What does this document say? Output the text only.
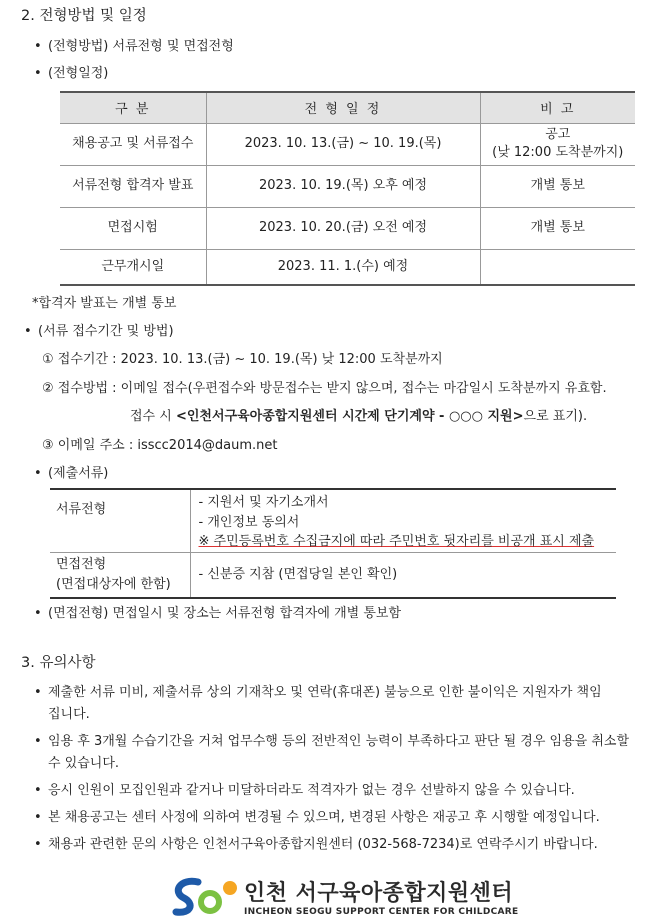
2. 전형방법 및 일정
• (전형방법) 서류전형 및 면접전형
• (전형일정)
구 분	전 형 일 정	비 고
채용공고 및 서류접수	2023. 10. 13.(금) ~ 10. 19.(목)	공고
(낮 12:00 도착분까지)

서류전형 합격자 발표	2023. 10. 19.(목) 오후 예정	개별 통보
면접시험	2023. 10. 20.(금) 오전 예정	개별 통보
근무개시일	2023. 11. 1.(수) 예정	
*합격자 발표는 개별 통보
• (서류 접수기간 및 방법)
① 접수기간 : 2023. 10. 13.(금) ~ 10. 19.(목) 낮 12:00 도착분까지
② 접수방법 : 이메일 접수(우편접수와 방문접수는 받지 않으며, 접수는 마감일시 도착분까지 유효함.
접수 시 <인천서구육아종합지원센터 시간제 단기계약 - ○○○ 지원>으로 표기).
③ 이메일 주소 : isscc2014@daum.net
• (제출서류)
서류전형	- 지원서 및 자기소개서
- 개인정보 동의서
※ 주민등록번호 수집금지에 따라 주민번호 뒷자리를 비공개 표시 제출

면접전형
(면접대상자에 한함)	- 신분증 지참 (면접당일 본인 확인)
• (면접전형) 면접일시 및 장소는 서류전형 합격자에 개별 통보함
3. 유의사항
• 제출한 서류 미비, 제출서류 상의 기재착오 및 연락(휴대폰) 불능으로 인한 불이익은 지원자가 책임
집니다.
• 임용 후 3개월 수습기간을 거쳐 업무수행 등의 전반적인 능력이 부족하다고 판단 될 경우 임용을 취소할
수 있습니다.
• 응시 인원이 모집인원과 같거나 미달하더라도 적격자가 없는 경우 선발하지 않을 수 있습니다.
• 본 채용공고는 센터 사정에 의하여 변경될 수 있으며, 변경된 사항은 재공고 후 시행할 예정입니다.
• 채용과 관련한 문의 사항은 인천서구육아종합지원센터 (032-568-7234)로 연락주시기 바랍니다.
인천 서구육아종합지원센터
INCHEON SEOGU SUPPORT CENTER FOR CHILDCARE
